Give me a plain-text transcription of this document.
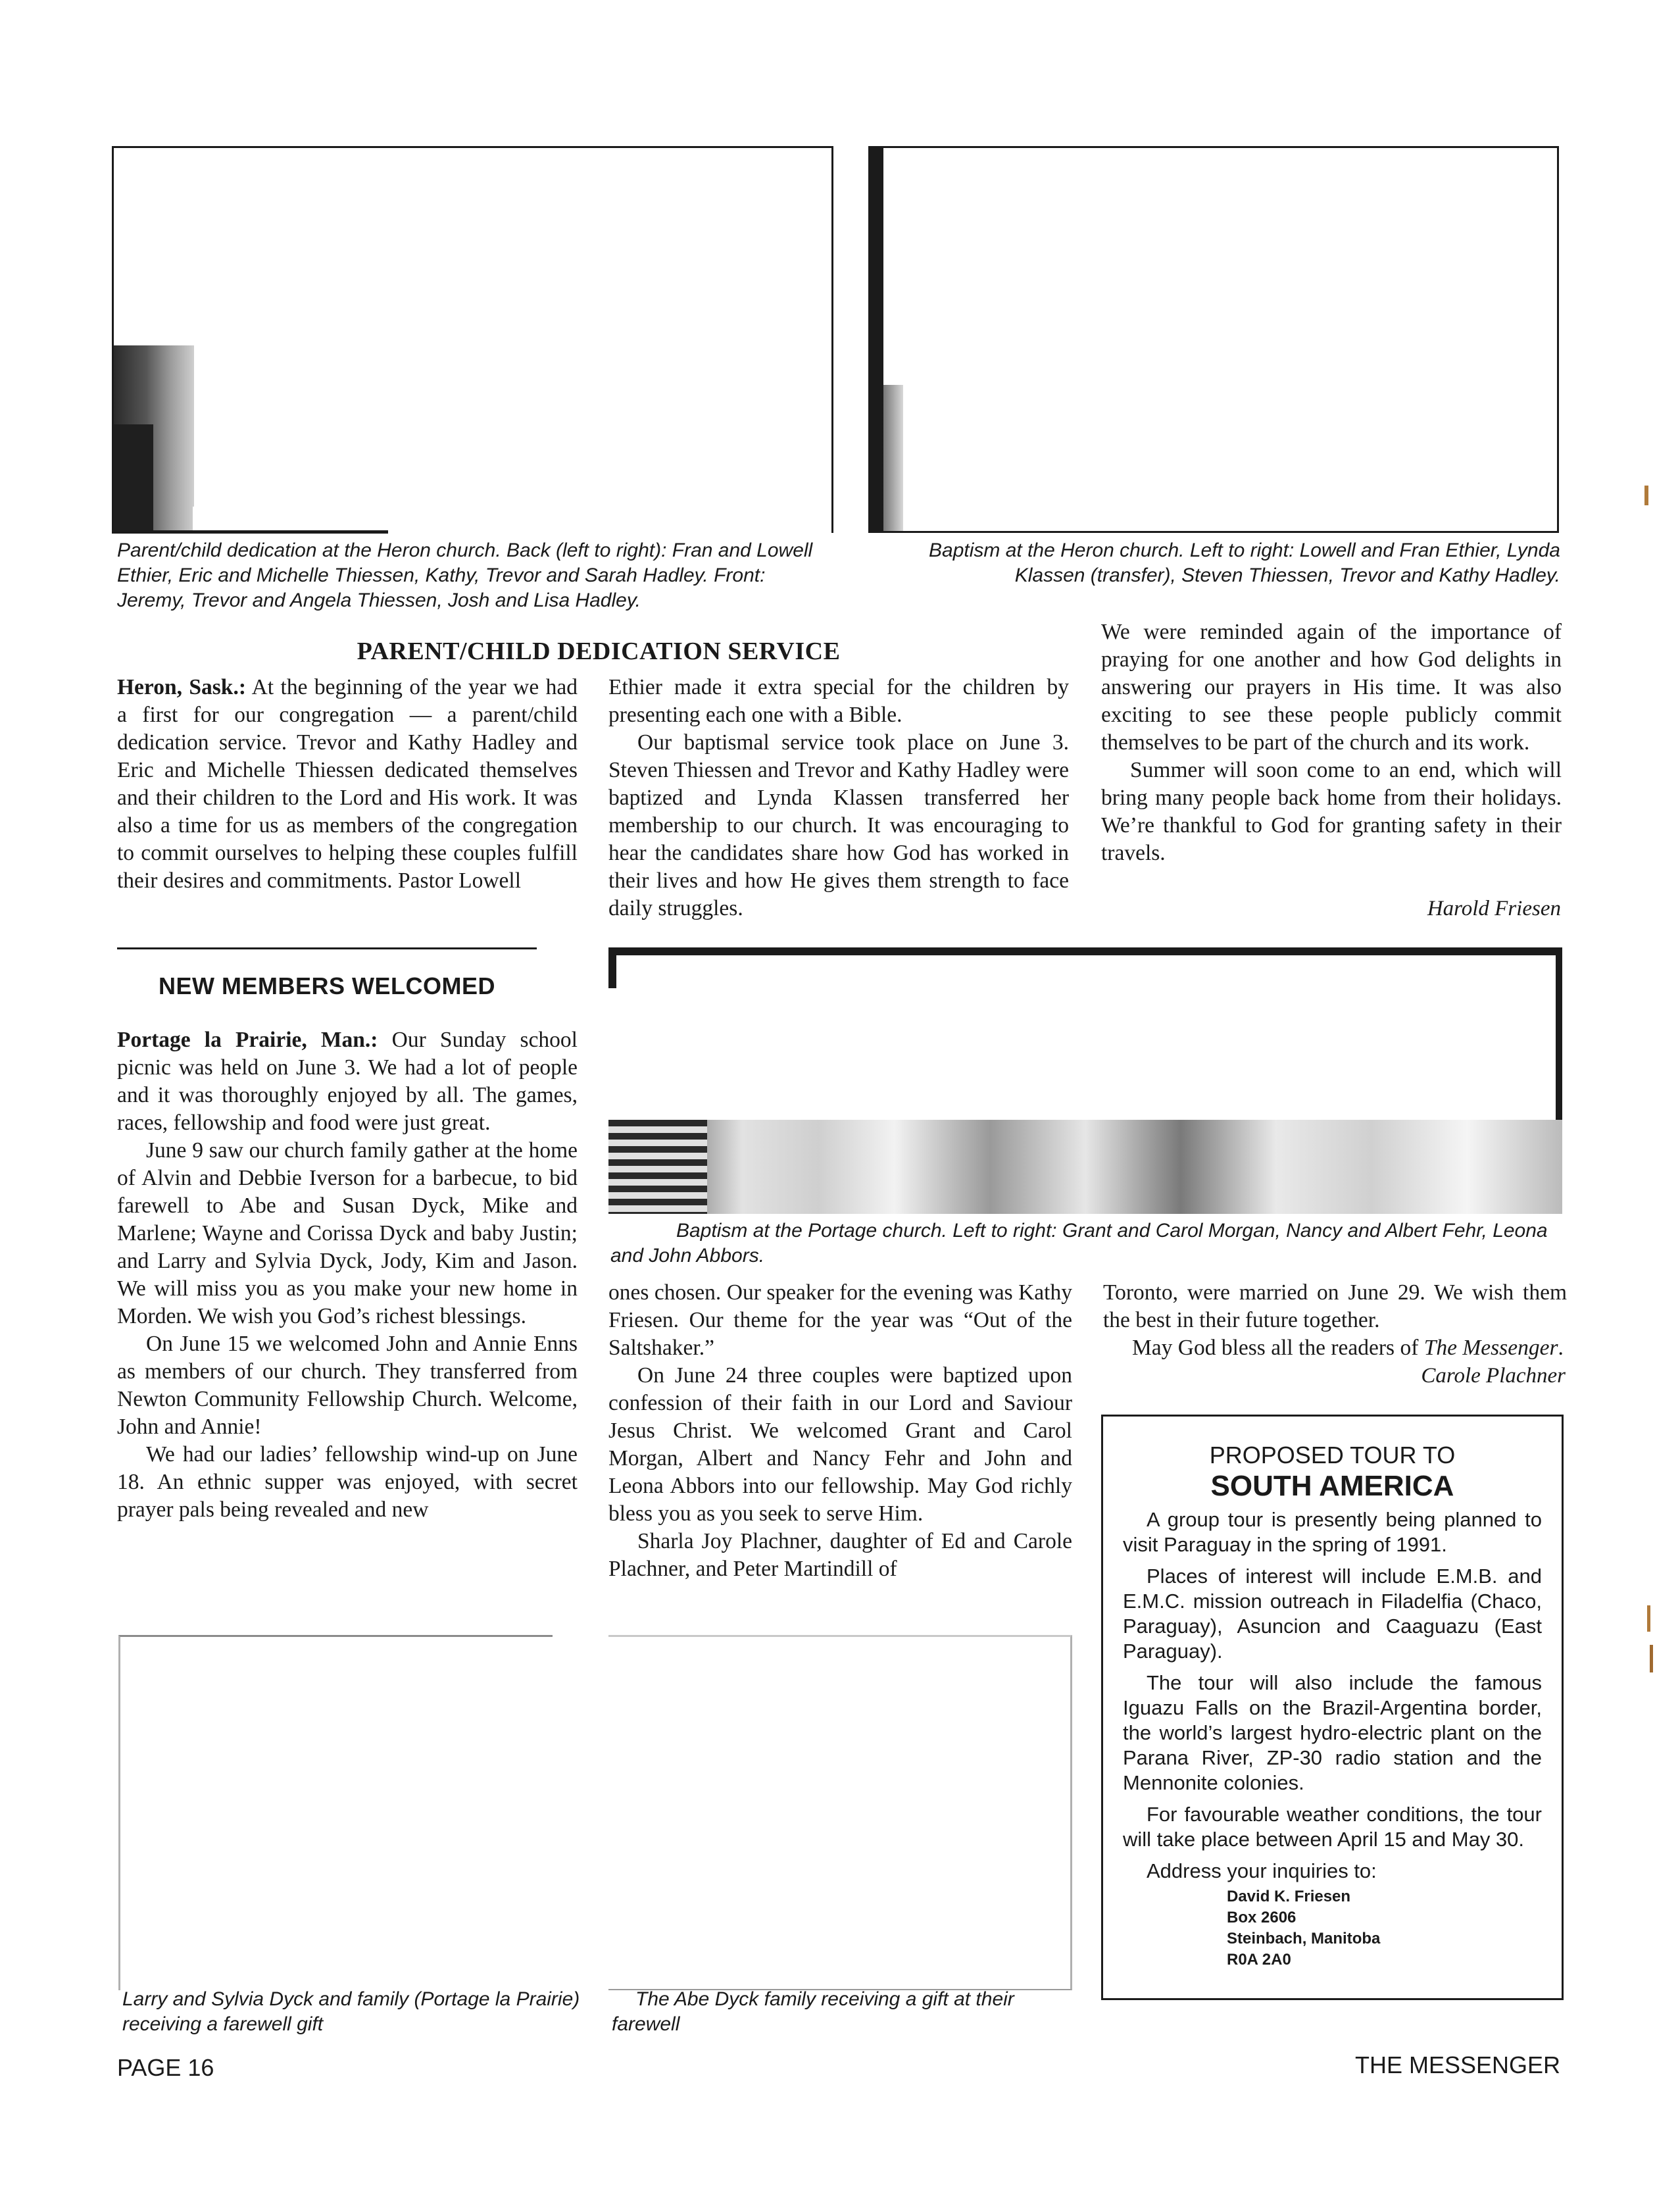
Parent/child dedication at the Heron church. Back (left to right): Fran and Lowell Ethier, Eric and Michelle Thiessen, Kathy, Trevor and Sarah Hadley. Front: Jeremy, Trevor and Angela Thiessen, Josh and Lisa Hadley.
Baptism at the Heron church. Left to right: Lowell and Fran Ethier, Lynda Klassen (transfer), Steven Thiessen, Trevor and Kathy Hadley.
PARENT/CHILD DEDICATION SERVICE

Heron, Sask.: At the beginning of the year we had a first for our congregation — a parent/child dedication service. Trevor and Kathy Hadley and Eric and Michelle Thiessen dedicated themselves and their children to the Lord and His work. It was also a time for us as members of the congregation to commit ourselves to helping these couples fulfill their desires and commitments. Pastor Lowell

Ethier made it extra special for the children by presenting each one with a Bible.

Our baptismal service took place on June 3. Steven Thiessen and Trevor and Kathy Hadley were baptized and Lynda Klassen transferred her membership to our church. It was encouraging to hear the candidates share how God has worked in their lives and how He gives them strength to face daily struggles.

We were reminded again of the importance of praying for one another and how God delights in answering our prayers in His time. It was also exciting to see these people publicly commit themselves to be part of the church and its work.

Summer will soon come to an end, which will bring many people back home from their holidays. We’re thankful to God for granting safety in their travels.

Harold Friesen
NEW MEMBERS WELCOMED

Portage la Prairie, Man.: Our Sunday school picnic was held on June 3. We had a lot of people and it was thoroughly enjoyed by all. The games, races, fellowship and food were just great.

June 9 saw our church family gather at the home of Alvin and Debbie Iverson for a barbecue, to bid farewell to Abe and Susan Dyck, Mike and Marlene; Wayne and Corissa Dyck and baby Justin; and Larry and Sylvia Dyck, Jody, Kim and Jason. We will miss you as you make your new home in Morden. We wish you God’s richest blessings.

On June 15 we welcomed John and Annie Enns as members of our church. They transferred from Newton Community Fellowship Church. Welcome, John and Annie!

We had our ladies’ fellowship wind-up on June 18. An ethnic supper was enjoyed, with secret prayer pals being revealed and new

Baptism at the Portage church. Left to right: Grant and Carol Morgan, Nancy and Albert Fehr, Leona and John Abbors.

ones chosen. Our speaker for the evening was Kathy Friesen. Our theme for the year was “Out of the Saltshaker.”

On June 24 three couples were baptized upon confession of their faith in our Lord and Saviour Jesus Christ. We welcomed Grant and Carol Morgan, Albert and Nancy Fehr and John and Leona Abbors into our fellowship. May God richly bless you as you seek to serve Him.

Sharla Joy Plachner, daughter of Ed and Carole Plachner, and Peter Martindill of

Toronto, were married on June 29. We wish them the best in their future together.

May God bless all the readers of The Messenger.

Carole Plachner
Larry and Sylvia Dyck and family (Portage la Prairie) receiving a farewell gift
The Abe Dyck family receiving a gift at their farewell
PROPOSED TOUR TO
SOUTH AMERICA

A group tour is presently being planned to visit Paraguay in the spring of 1991.

Places of interest will include E.M.B. and E.M.C. mission outreach in Filadelfia (Chaco, Paraguay), Asuncion and Caaguazu (East Paraguay).

The tour will also include the famous Iguazu Falls on the Brazil-Argentina border, the world’s largest hydro-electric plant on the Parana River, ZP-30 radio station and the Mennonite colonies.

For favourable weather conditions, the tour will take place between April 15 and May 30.

Address your inquiries to:

David K. Friesen
Box 2606
Steinbach, Manitoba
R0A 2A0
PAGE 16	THE MESSENGER
